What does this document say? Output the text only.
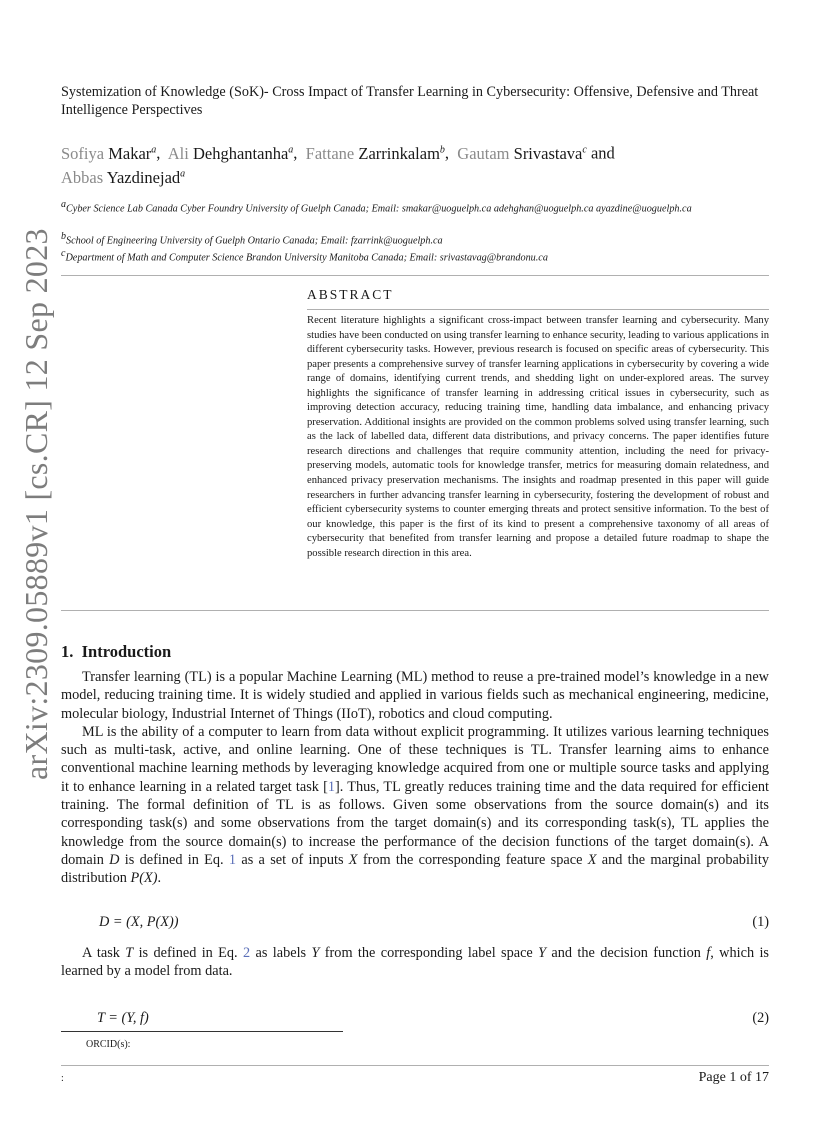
arXiv:2309.05889v1 [cs.CR] 12 Sep 2023
Systemization of Knowledge (SoK)- Cross Impact of Transfer Learning in Cybersecurity: Offensive, Defensive and Threat Intelligence Perspectives
Sofiya Makar$^a$,  Ali Dehghantanha$^a$,  Fattane Zarrinkalam$^b$,  Gautam Srivastava$^c$ and
Abbas Yazdinejad$^a$
$^a$Cyber Science Lab Canada Cyber Foundry University of Guelph Canada; Email: smakar@uoguelph.ca adehghan@uoguelph.ca ayazdine@uoguelph.ca
$^b$School of Engineering University of Guelph Ontario Canada; Email: fzarrink@uoguelph.ca
$^c$Department of Math and Computer Science Brandon University Manitoba Canada; Email: srivastavag@brandonu.ca
ABSTRACT
Recent literature highlights a significant cross-impact between transfer learning and cybersecurity. Many studies have been conducted on using transfer learning to enhance security, leading to various applications in different cybersecurity tasks. However, previous research is focused on specific areas of cybersecurity. This paper presents a comprehensive survey of transfer learning applications in cybersecurity by covering a wide range of domains, identifying current trends, and shedding light on under-explored areas. The survey highlights the significance of transfer learning in addressing critical issues in cybersecurity, such as improving detection accuracy, reducing training time, handling data imbalance, and enhancing privacy preservation. Additional insights are provided on the common problems solved using transfer learning, such as the lack of labelled data, different data distributions, and privacy concerns. The paper identifies future research directions and challenges that require community attention, including the need for privacy-preserving models, automatic tools for knowledge transfer, metrics for measuring domain relatedness, and enhanced privacy preservation mechanisms. The insights and roadmap presented in this paper will guide researchers in further advancing transfer learning in cybersecurity, fostering the development of robust and efficient cybersecurity systems to counter emerging threats and protect sensitive information. To the best of our knowledge, this paper is the first of its kind to present a comprehensive taxonomy of all areas of cybersecurity that benefited from transfer learning and propose a detailed future roadmap to shape the possible research direction in this area.
1. Introduction

Transfer learning (TL) is a popular Machine Learning (ML) method to reuse a pre-trained model’s knowledge in a new model, reducing training time. It is widely studied and applied in various fields such as mechanical engineering, medicine, molecular biology, Industrial Internet of Things (IIoT), robotics and cloud computing.

ML is the ability of a computer to learn from data without explicit programming. It utilizes various learning techniques such as multi-task, active, and online learning. One of these techniques is TL. Transfer learning aims to enhance conventional machine learning methods by leveraging knowledge acquired from one or multiple source tasks and applying it to enhance learning in a related target task [1]. Thus, TL greatly reduces training time and the data required for efficient training. The formal definition of TL is as follows. Given some observations from the source domain(s) and its corresponding task(s) and some observations from the target domain(s) and its corresponding task(s), TL applies the knowledge from the source domain(s) to increase the performance of the decision functions of the target domain(s). A domain D is defined in Eq. 1 as a set of inputs X from the corresponding feature space X and the marginal probability distribution P(X).

D = (X, P(X))	(1)

A task T is defined in Eq. 2 as labels Y from the corresponding label space Y and the decision function f, which is learned by a model from data.

T = (Y, f)	(2)
ORCID(s):
:	Page 1 of 17
